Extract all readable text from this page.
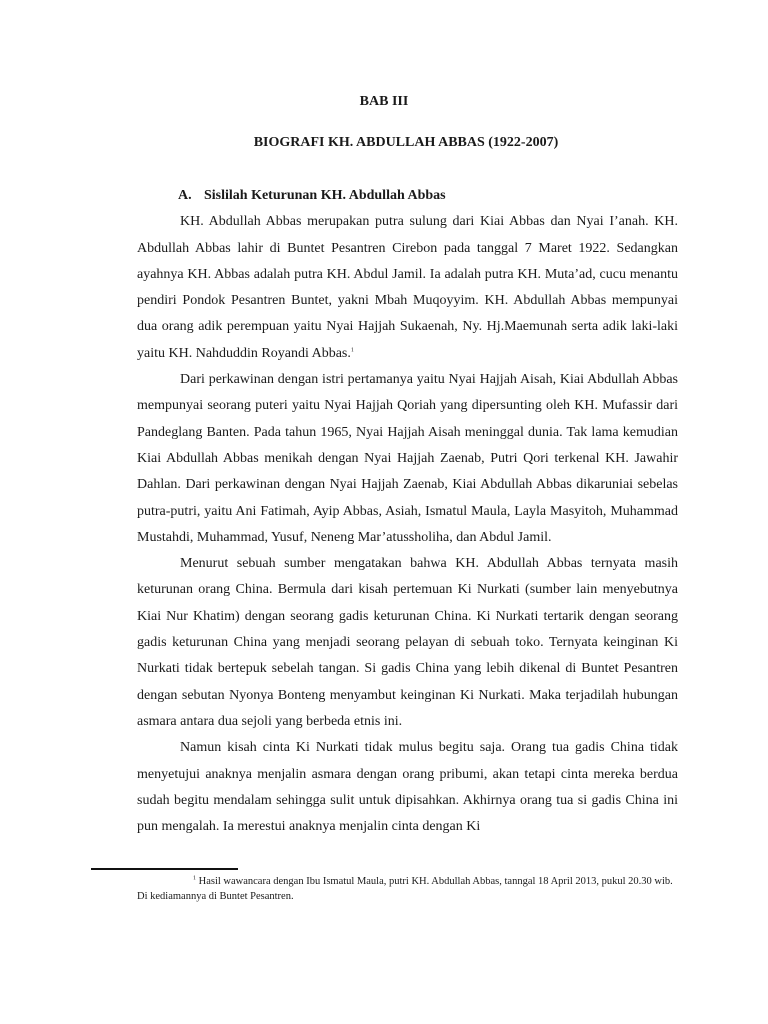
BAB III
BIOGRAFI KH. ABDULLAH ABBAS (1922-2007)
A. Sislilah Keturunan KH. Abdullah Abbas

KH. Abdullah Abbas merupakan putra sulung dari Kiai Abbas dan Nyai I’anah. KH. Abdullah Abbas lahir di Buntet Pesantren Cirebon pada tanggal 7 Maret 1922. Sedangkan ayahnya KH. Abbas adalah putra KH. Abdul Jamil. Ia adalah putra KH. Muta’ad, cucu menantu pendiri Pondok Pesantren Buntet, yakni Mbah Muqoyyim. KH. Abdullah Abbas mempunyai dua orang adik perempuan yaitu Nyai Hajjah Sukaenah, Ny. Hj.Maemunah serta adik laki-laki yaitu KH. Nahduddin Royandi Abbas.$^1$

Dari perkawinan dengan istri pertamanya yaitu Nyai Hajjah Aisah, Kiai Abdullah Abbas mempunyai seorang puteri yaitu Nyai Hajjah Qoriah yang dipersunting oleh KH. Mufassir dari Pandeglang Banten. Pada tahun 1965, Nyai Hajjah Aisah meninggal dunia. Tak lama kemudian Kiai Abdullah Abbas menikah dengan Nyai Hajjah Zaenab, Putri Qori terkenal KH. Jawahir Dahlan. Dari perkawinan dengan Nyai Hajjah Zaenab, Kiai Abdullah Abbas dikaruniai sebelas putra-putri, yaitu Ani Fatimah, Ayip Abbas, Asiah, Ismatul Maula, Layla Masyitoh, Muhammad Mustahdi, Muhammad, Yusuf, Neneng Mar’atussholiha, dan Abdul Jamil.

Menurut sebuah sumber mengatakan bahwa KH. Abdullah Abbas ternyata masih keturunan orang China. Bermula dari kisah pertemuan Ki Nurkati (sumber lain menyebutnya Kiai Nur Khatim) dengan seorang gadis keturunan China. Ki Nurkati tertarik dengan seorang gadis keturunan China yang menjadi seorang pelayan di sebuah toko. Ternyata keinginan Ki Nurkati tidak bertepuk sebelah tangan. Si gadis China yang lebih dikenal di Buntet Pesantren dengan sebutan Nyonya Bonteng menyambut keinginan Ki Nurkati. Maka terjadilah hubungan asmara antara dua sejoli yang berbeda etnis ini.

Namun kisah cinta Ki Nurkati tidak mulus begitu saja. Orang tua gadis China tidak menyetujui anaknya menjalin asmara dengan orang pribumi, akan tetapi cinta mereka berdua sudah begitu mendalam sehingga sulit untuk dipisahkan. Akhirnya orang tua si gadis China ini pun mengalah. Ia merestui anaknya menjalin cinta dengan Ki

$^1$ Hasil wawancara dengan Ibu Ismatul Maula, putri KH. Abdullah Abbas, tanngal 18 April 2013, pukul 20.30 wib. Di kediamannya di Buntet Pesantren.
